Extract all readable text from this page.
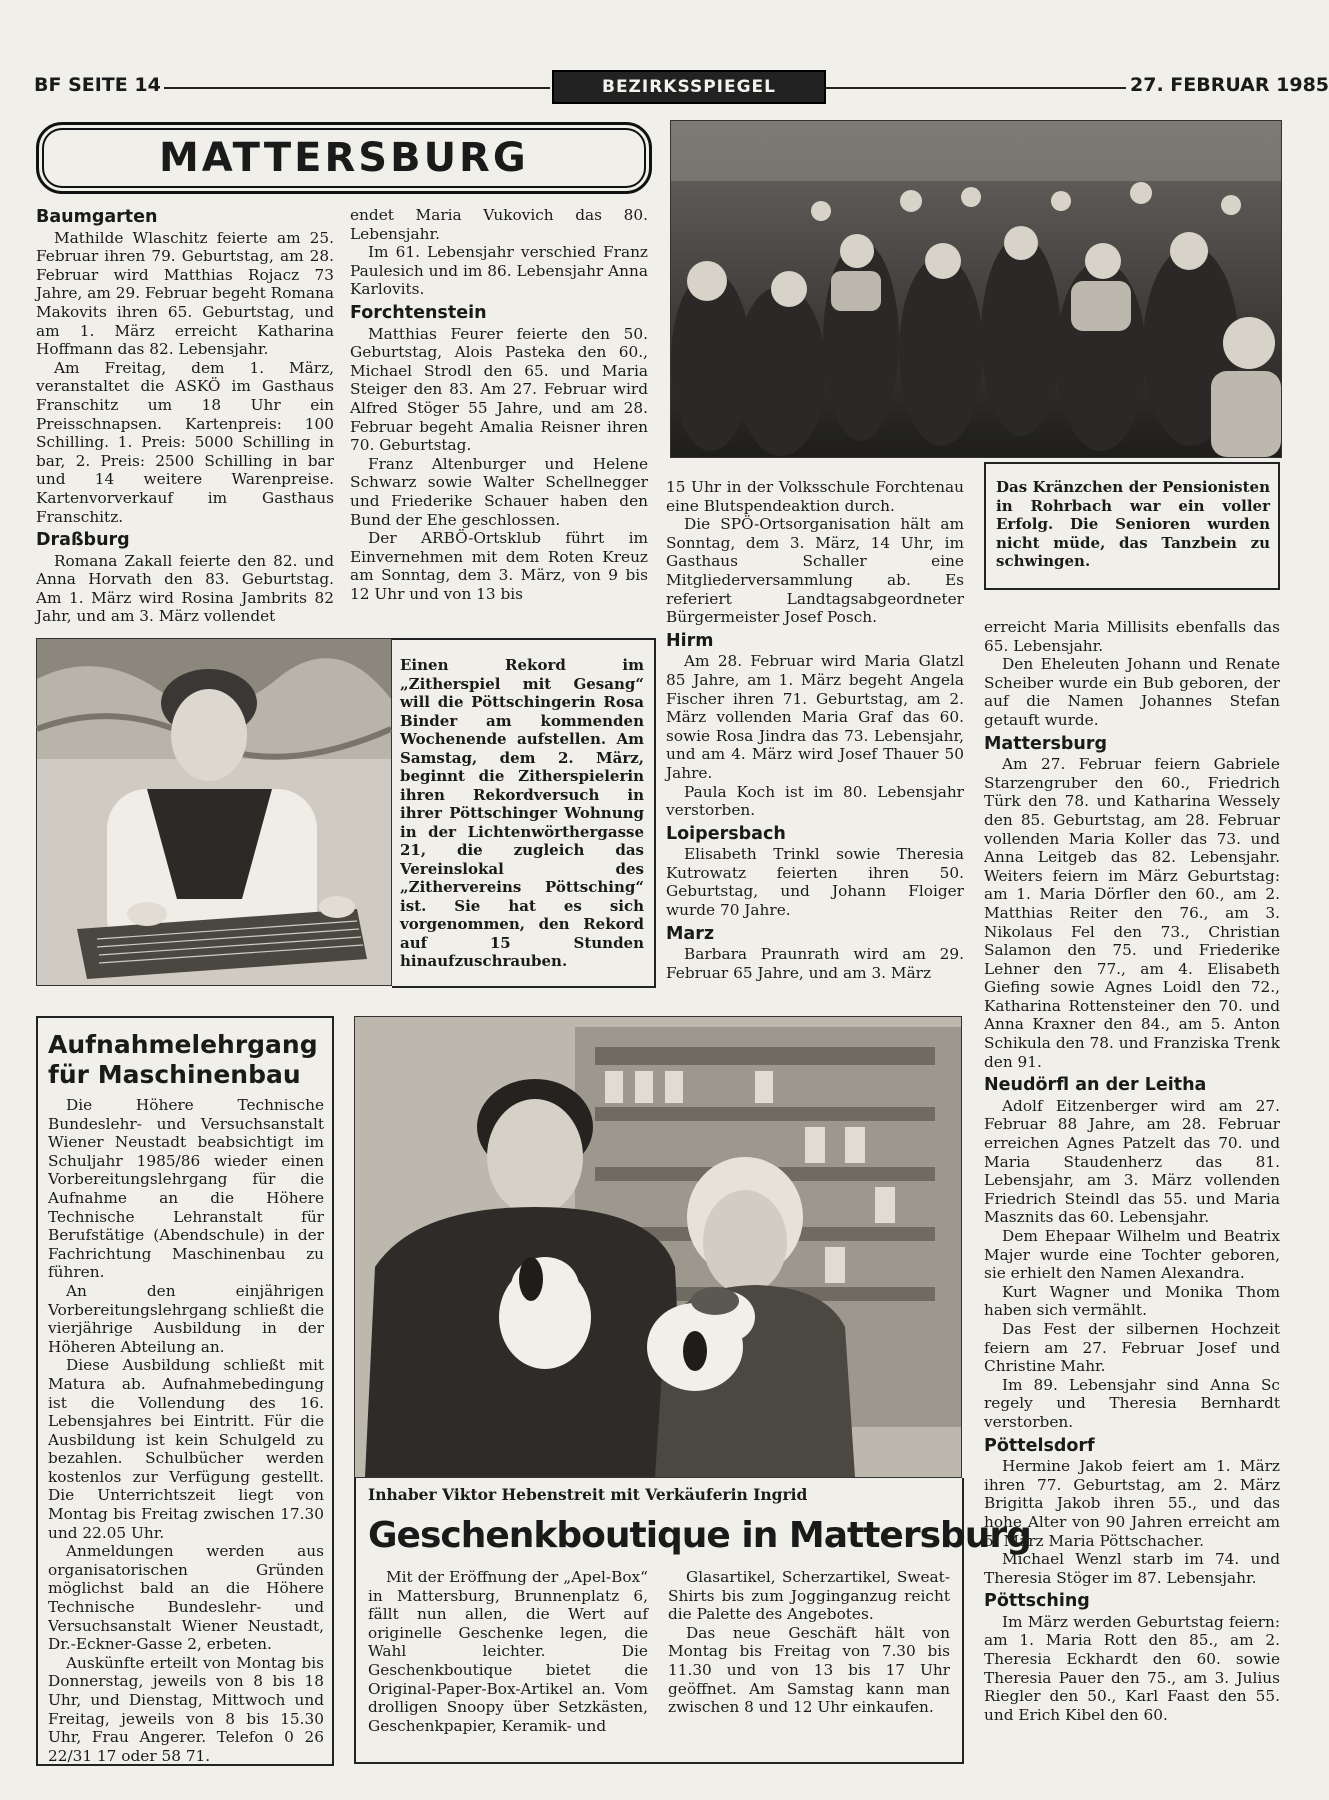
BF SEITE 14	BEZIRKSSPIEGEL	27. FEBRUAR 1985
MATTERSBURG
Baumgarten

Mathilde Wlaschitz feierte am 25. Februar ihren 79. Geburtstag, am 28. Februar wird Matthias Rojacz 73 Jahre, am 29. Februar begeht Romana Makovits ihren 65. Geburtstag, und am 1. März erreicht Katharina Hoffmann das 82. Lebensjahr.

Am Freitag, dem 1. März, veranstaltet die ASKÖ im Gasthaus Franschitz um 18 Uhr ein Preisschnapsen. Kartenpreis: 100 Schilling. 1. Preis: 5000 Schilling in bar, 2. Preis: 2500 Schilling in bar und 14 weitere Warenpreise. Kartenvorverkauf im Gasthaus Franschitz.

Draßburg

Romana Zakall feierte den 82. und Anna Horvath den 83. Geburtstag. Am 1. März wird Rosina Jambrits 82 Jahr, und am 3. März vollendet

endet Maria Vukovich das 80. Lebensjahr.

Im 61. Lebensjahr verschied Franz Paulesich und im 86. Lebensjahr Anna Karlovits.

Forchtenstein

Matthias Feurer feierte den 50. Geburtstag, Alois Pasteka den 60., Michael Strodl den 65. und Maria Steiger den 83. Am 27. Februar wird Alfred Stöger 55 Jahre, und am 28. Februar begeht Amalia Reisner ihren 70. Geburtstag.

Franz Altenburger und Helene Schwarz sowie Walter Schellnegger und Friederike Schauer haben den Bund der Ehe geschlossen.

Der ARBÖ-Ortsklub führt im Einvernehmen mit dem Roten Kreuz am Sonntag, dem 3. März, von 9 bis 12 Uhr und von 13 bis

15 Uhr in der Volksschule Forchtenau eine Blutspendeaktion durch.

Die SPÖ-Ortsorganisation hält am Sonntag, dem 3. März, 14 Uhr, im Gasthaus Schaller eine Mitgliederversammlung ab. Es referiert Landtagsabgeordneter Bürgermeister Josef Posch.

Hirm

Am 28. Februar wird Maria Glatzl 85 Jahre, am 1. März begeht Angela Fischer ihren 71. Geburtstag, am 2. März vollenden Maria Graf das 60. sowie Rosa Jindra das 73. Lebensjahr, und am 4. März wird Josef Thauer 50 Jahre.

Paula Koch ist im 80. Lebensjahr verstorben.

Loipersbach

Elisabeth Trinkl sowie Theresia Kutrowatz feierten ihren 50. Geburtstag, und Johann Floiger wurde 70 Jahre.

Marz

Barbara Praunrath wird am 29. Februar 65 Jahre, und am 3. März

erreicht Maria Millisits ebenfalls das 65. Lebensjahr.

Den Eheleuten Johann und Renate Scheiber wurde ein Bub geboren, der auf die Namen Johannes Stefan getauft wurde.

Mattersburg

Am 27. Februar feiern Gabriele Starzengruber den 60., Friedrich Türk den 78. und Katharina Wessely den 85. Geburtstag, am 28. Februar vollenden Maria Koller das 73. und Anna Leitgeb das 82. Lebensjahr. Weiters feiern im März Geburtstag: am 1. Maria Dörfler den 60., am 2. Matthias Reiter den 76., am 3. Nikolaus Fel den 73., Christian Salamon den 75. und Friederike Lehner den 77., am 4. Elisabeth Giefing sowie Agnes Loidl den 72., Katharina Rottensteiner den 70. und Anna Kraxner den 84., am 5. Anton Schikula den 78. und Franziska Trenk den 91.

Neudörfl an der Leitha

Adolf Eitzenberger wird am 27. Februar 88 Jahre, am 28. Februar erreichen Agnes Patzelt das 70. und Maria Staudenherz das 81. Lebensjahr, am 3. März vollenden Friedrich Steindl das 55. und Maria Masznits das 60. Lebensjahr.

Dem Ehepaar Wilhelm und Beatrix Majer wurde eine Tochter geboren, sie erhielt den Namen Alexandra.

Kurt Wagner und Monika Thom haben sich vermählt.

Das Fest der silbernen Hochzeit feiern am 27. Februar Josef und Christine Mahr.

Im 89. Lebensjahr sind Anna Sc regely und Theresia Bernhardt verstorben.

Pöttelsdorf

Hermine Jakob feiert am 1. März ihren 77. Geburtstag, am 2. März Brigitta Jakob ihren 55., und das hohe Alter von 90 Jahren erreicht am 5. März Maria Pöttschacher.

Michael Wenzl starb im 74. und Theresia Stöger im 87. Lebensjahr.

Pöttsching

Im März werden Geburtstag feiern: am 1. Maria Rott den 85., am 2. Theresia Eckhardt den 60. sowie Theresia Pauer den 75., am 3. Julius Riegler den 50., Karl Faast den 55. und Erich Kibel den 60.

Das Kränzchen der Pensionisten in Rohrbach war ein voller Erfolg. Die Senioren wurden nicht müde, das Tanzbein zu schwingen.
Einen Rekord im „Zitherspiel mit Gesang“ will die Pöttschingerin Rosa Binder am kommenden Wochenende aufstellen. Am Samstag, dem 2. März, beginnt die Zitherspielerin ihren Rekordversuch in ihrer Pöttschinger Wohnung in der Lichtenwörthergasse 21, die zugleich das Vereinslokal des „Zithervereins Pöttsching“ ist. Sie hat es sich vorgenommen, den Rekord auf 15 Stunden hinaufzuschrauben.
Aufnahmelehrgang für Maschinenbau

Die Höhere Technische Bundeslehr- und Versuchsanstalt Wiener Neustadt beabsichtigt im Schuljahr 1985/86 wieder einen Vorbereitungslehrgang für die Aufnahme an die Höhere Technische Lehranstalt für Berufstätige (Abendschule) in der Fachrichtung Maschinenbau zu führen.

An den einjährigen Vorbereitungslehrgang schließt die vierjährige Ausbildung in der Höheren Abteilung an.

Diese Ausbildung schließt mit Matura ab. Aufnahmebedingung ist die Vollendung des 16. Lebensjahres bei Eintritt. Für die Ausbildung ist kein Schulgeld zu bezahlen. Schulbücher werden kostenlos zur Verfügung gestellt. Die Unterrichtszeit liegt von Montag bis Freitag zwischen 17.30 und 22.05 Uhr.

Anmeldungen werden aus organisatorischen Gründen möglichst bald an die Höhere Technische Bundeslehr- und Versuchsanstalt Wiener Neustadt, Dr.-Eckner-Gasse 2, erbeten.

Auskünfte erteilt von Montag bis Donnerstag, jeweils von 8 bis 18 Uhr, und Dienstag, Mittwoch und Freitag, jeweils von 8 bis 15.30 Uhr, Frau Angerer. Telefon 0 26 22/31 17 oder 58 71.

Inhaber Viktor Hebenstreit mit Verkäuferin Ingrid
Geschenkboutique in Mattersburg

Mit der Eröffnung der „Apel-Box“ in Mattersburg, Brunnenplatz 6, fällt nun allen, die Wert auf originelle Geschenke legen, die Wahl leichter. Die Geschenkboutique bietet die Original-Paper-Box-Artikel an. Vom drolligen Snoopy über Setzkästen, Geschenkpapier, Keramik- und

Glasartikel, Scherzartikel, Sweat-Shirts bis zum Jogginganzug reicht die Palette des Angebotes.

Das neue Geschäft hält von Montag bis Freitag von 7.30 bis 11.30 und von 13 bis 17 Uhr geöffnet. Am Samstag kann man zwischen 8 und 12 Uhr einkaufen.
